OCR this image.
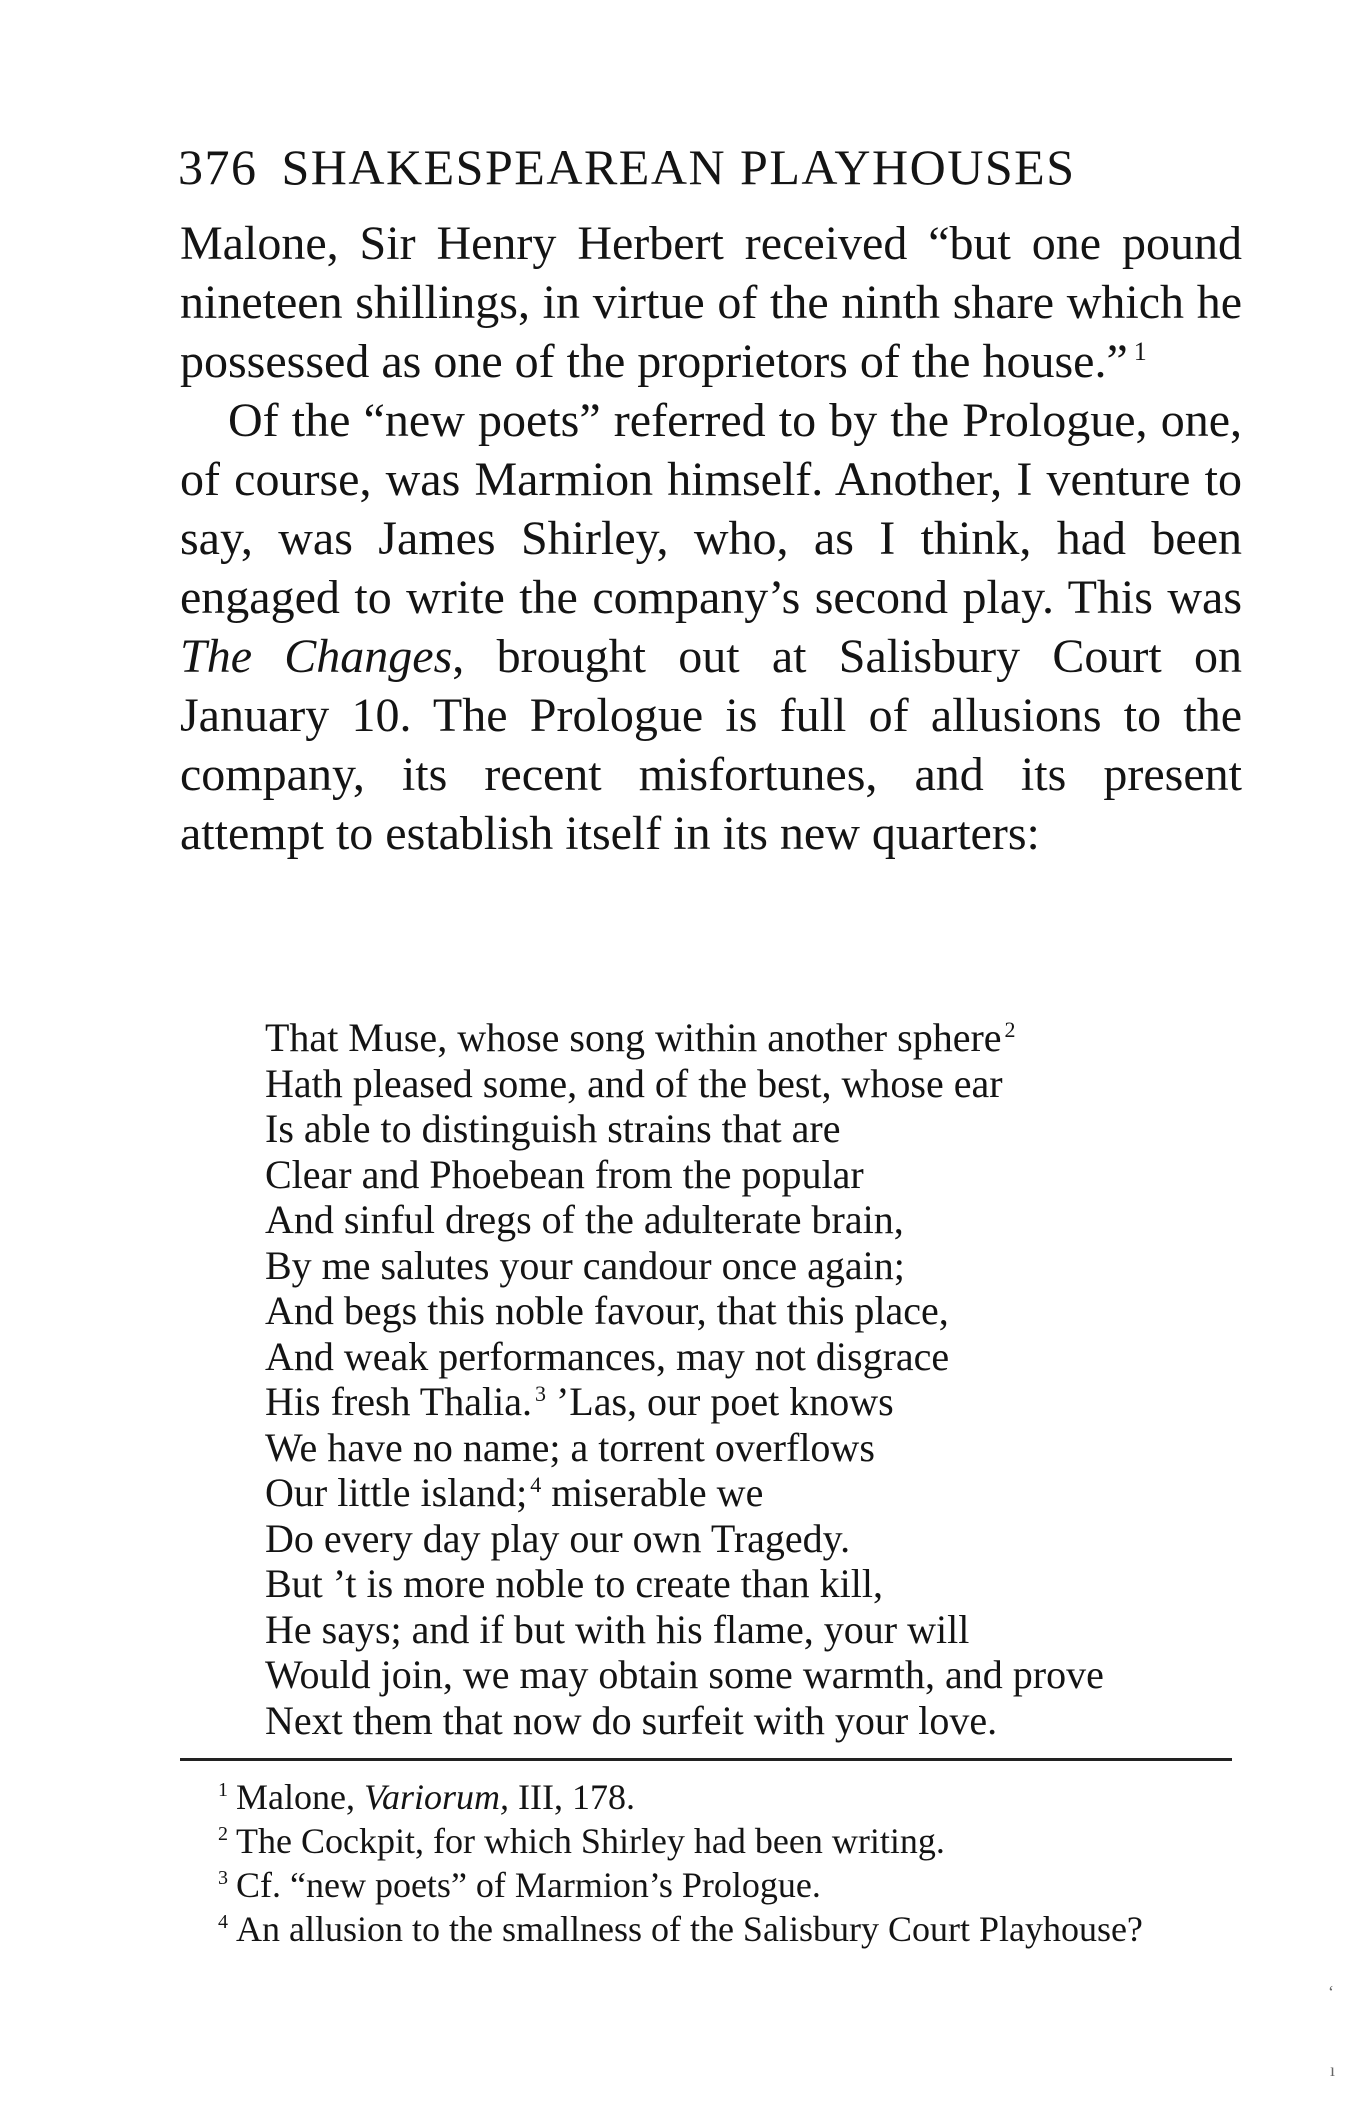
376 SHAKESPEAREAN PLAYHOUSES

Malone, Sir Henry Herbert received “but one pound nineteen shillings, in virtue of the ninth share which he possessed as one of the proprietors of the house.” $^1$

Of the “new poets” referred to by the Prologue, one, of course, was Marmion himself. Another, I venture to say, was James Shirley, who, as I think, had been engaged to write the company’s second play. This was The Changes, brought out at Salisbury Court on January 10. The Prologue is full of allusions to the company, its recent misfortunes, and its present attempt to establish itself in its new quarters:

That Muse, whose song within another sphere $^2$
Hath pleased some, and of the best, whose ear
Is able to distinguish strains that are
Clear and Phoebean from the popular
And sinful dregs of the adulterate brain,
By me salutes your candour once again;
And begs this noble favour, that this place,
And weak performances, may not disgrace
His fresh Thalia. $^3$ ’Las, our poet knows
We have no name; a torrent overflows
Our little island; $^4$ miserable we
Do every day play our own Tragedy.
But ’t is more noble to create than kill,
He says; and if but with his flame, your will
Would join, we may obtain some warmth, and prove
Next them that now do surfeit with your love.

$^1$ Malone, Variorum, III, 178.

$^2$ The Cockpit, for which Shirley had been writing.

$^3$ Cf. “new poets” of Marmion’s Prologue.

$^4$ An allusion to the smallness of the Salisbury Court Playhouse?

‘
ı
